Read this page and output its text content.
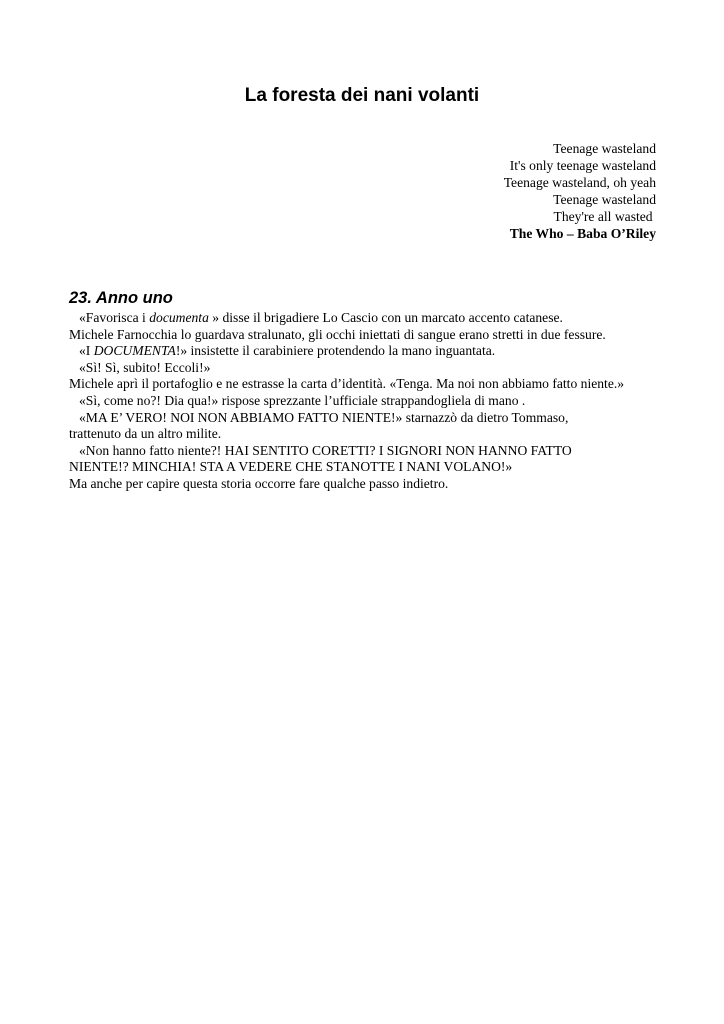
La foresta dei nani volanti
Teenage wasteland
It's only teenage wasteland
Teenage wasteland, oh yeah
Teenage wasteland
They're all wasted
The Who – Baba O’Riley
23. Anno uno
«Favorisca i documenta » disse il brigadiere Lo Cascio con un marcato accento catanese.
Michele Farnocchia lo guardava stralunato, gli occhi iniettati di sangue erano stretti in due fessure.
«I DOCUMENTA!» insistette il carabiniere protendendo la mano inguantata.
«Sì! Sì, subito! Eccoli!»
Michele aprì il portafoglio e ne estrasse la carta d’identità. «Tenga. Ma noi non abbiamo fatto niente.»
«Sì, come no?! Dia qua!» rispose sprezzante l’ufficiale strappandogliela di mano .
«MA E’ VERO! NOI NON ABBIAMO FATTO NIENTE!» starnazzò da dietro Tommaso,
trattenuto da un altro milite.
«Non hanno fatto niente?! HAI SENTITO CORETTI? I SIGNORI NON HANNO FATTO
NIENTE!? MINCHIA! STA A VEDERE CHE STANOTTE I NANI VOLANO!»
Ma anche per capire questa storia occorre fare qualche passo indietro.
